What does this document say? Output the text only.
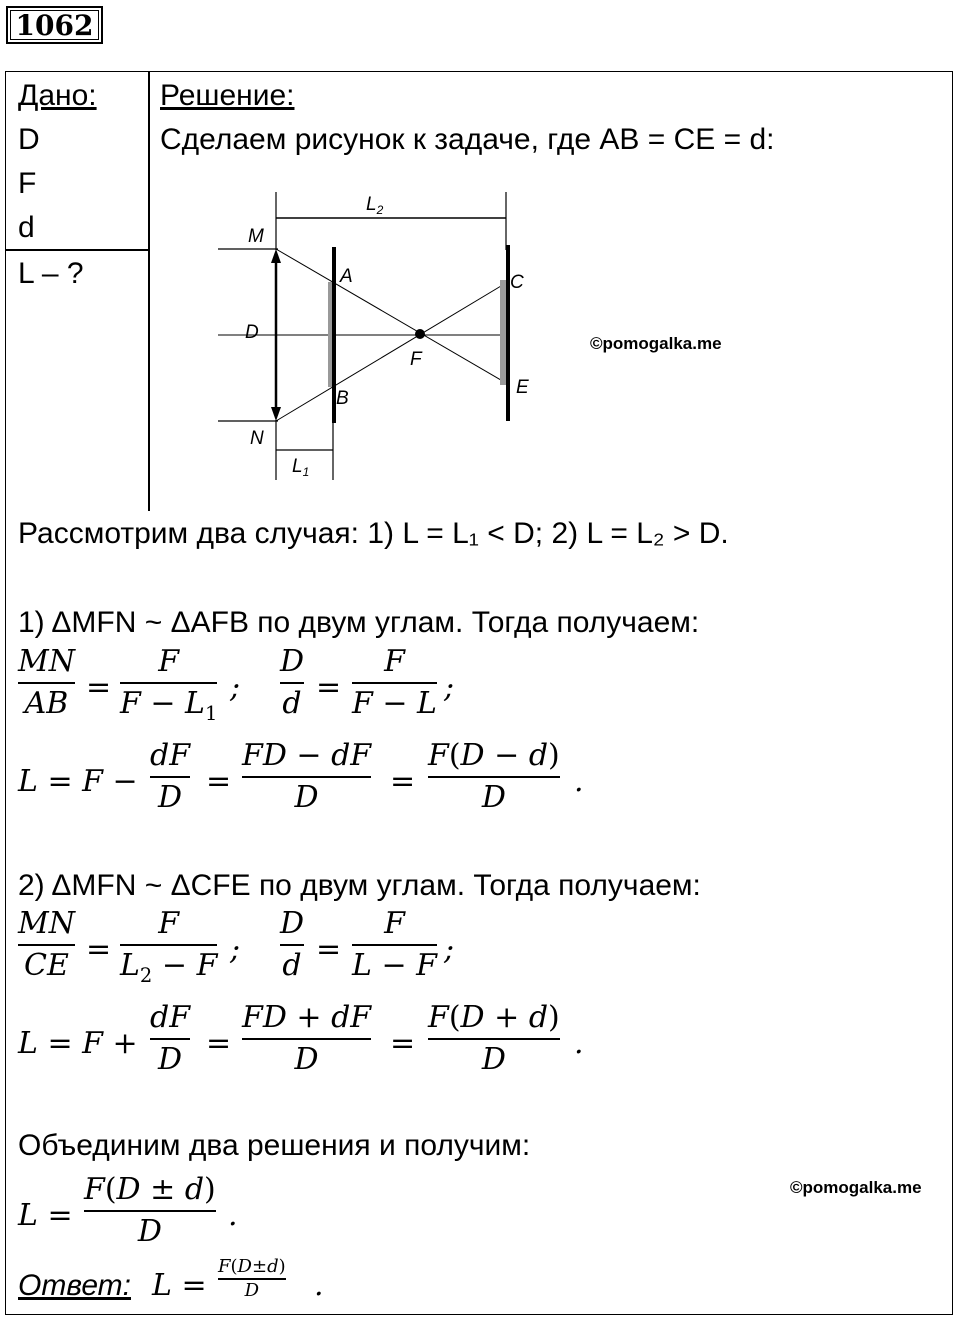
1062
Дано:
D
F
d
L – ?
Решение:
Сделаем рисунок к задаче, где AB = CE = d:
M
N
A
B
C
E
F
D
$L_2$
$L_1$
©pomogalka.me
Рассмотрим два случая: 1) L = L₁ < D; 2) L = L₂ > D.
1) ΔMFN ~ ΔAFB по двум углам. Тогда получаем:
MN
AB =
F
$F - L_1$
;
D
d =
F
F − L ;
L = F −
dF
D =
FD − dF
D =
F(D − d)
D .
2) ΔMFN ~ ΔCFE по двум углам. Тогда получаем:
MN
CE =
F
$L_2 - F$ ;
D
d =
F
L − F ;
L = F +
dF
D =
FD + dF
D =
F(D + d)
D .
Объединим два решения и получим:
L =
F(D ± d)
D .
©pomogalka.me
Ответ: L =
F(D±d)
D .
